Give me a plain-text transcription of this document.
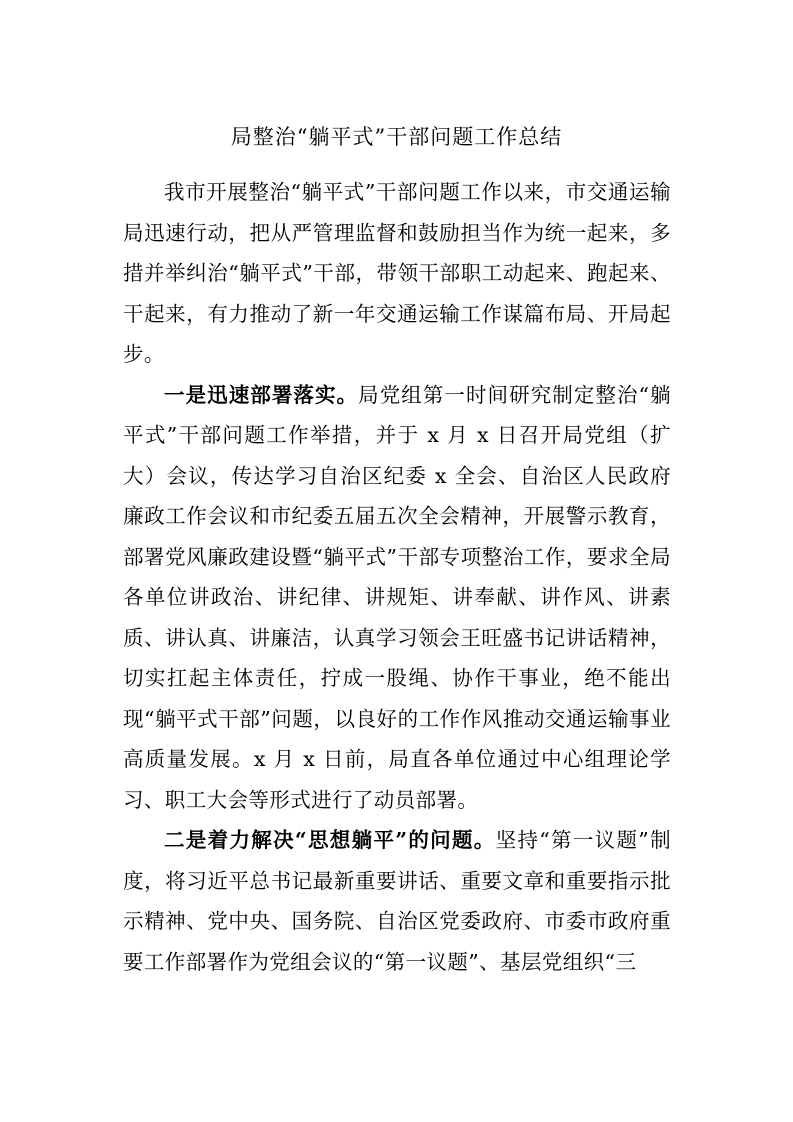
局整治“躺平式”干部问题工作总结

我市开展整治“躺平式”干部问题工作以来，市交通运输局迅速行动，把从严管理监督和鼓励担当作为统一起来，多措并举纠治“躺平式”干部，带领干部职工动起来、跑起来、干起来，有力推动了新一年交通运输工作谋篇布局、开局起步。

一是迅速部署落实。局党组第一时间研究制定整治“躺平式”干部问题工作举措，并于 x 月 x 日召开局党组（扩大）会议，传达学习自治区纪委 x 全会、自治区人民政府廉政工作会议和市纪委五届五次全会精神，开展警示教育，部署党风廉政建设暨“躺平式”干部专项整治工作，要求全局各单位讲政治、讲纪律、讲规矩、讲奉献、讲作风、讲素质、讲认真、讲廉洁，认真学习领会王旺盛书记讲话精神，切实扛起主体责任，拧成一股绳、协作干事业，绝不能出现“躺平式干部”问题，以良好的工作作风推动交通运输事业高质量发展。x 月 x 日前，局直各单位通过中心组理论学习、职工大会等形式进行了动员部署。

二是着力解决“思想躺平”的问题。坚持“第一议题”制度，将习近平总书记最新重要讲话、重要文章和重要指示批示精神、党中央、国务院、自治区党委政府、市委市政府重要工作部署作为党组会议的“第一议题”、基层党组织“三
